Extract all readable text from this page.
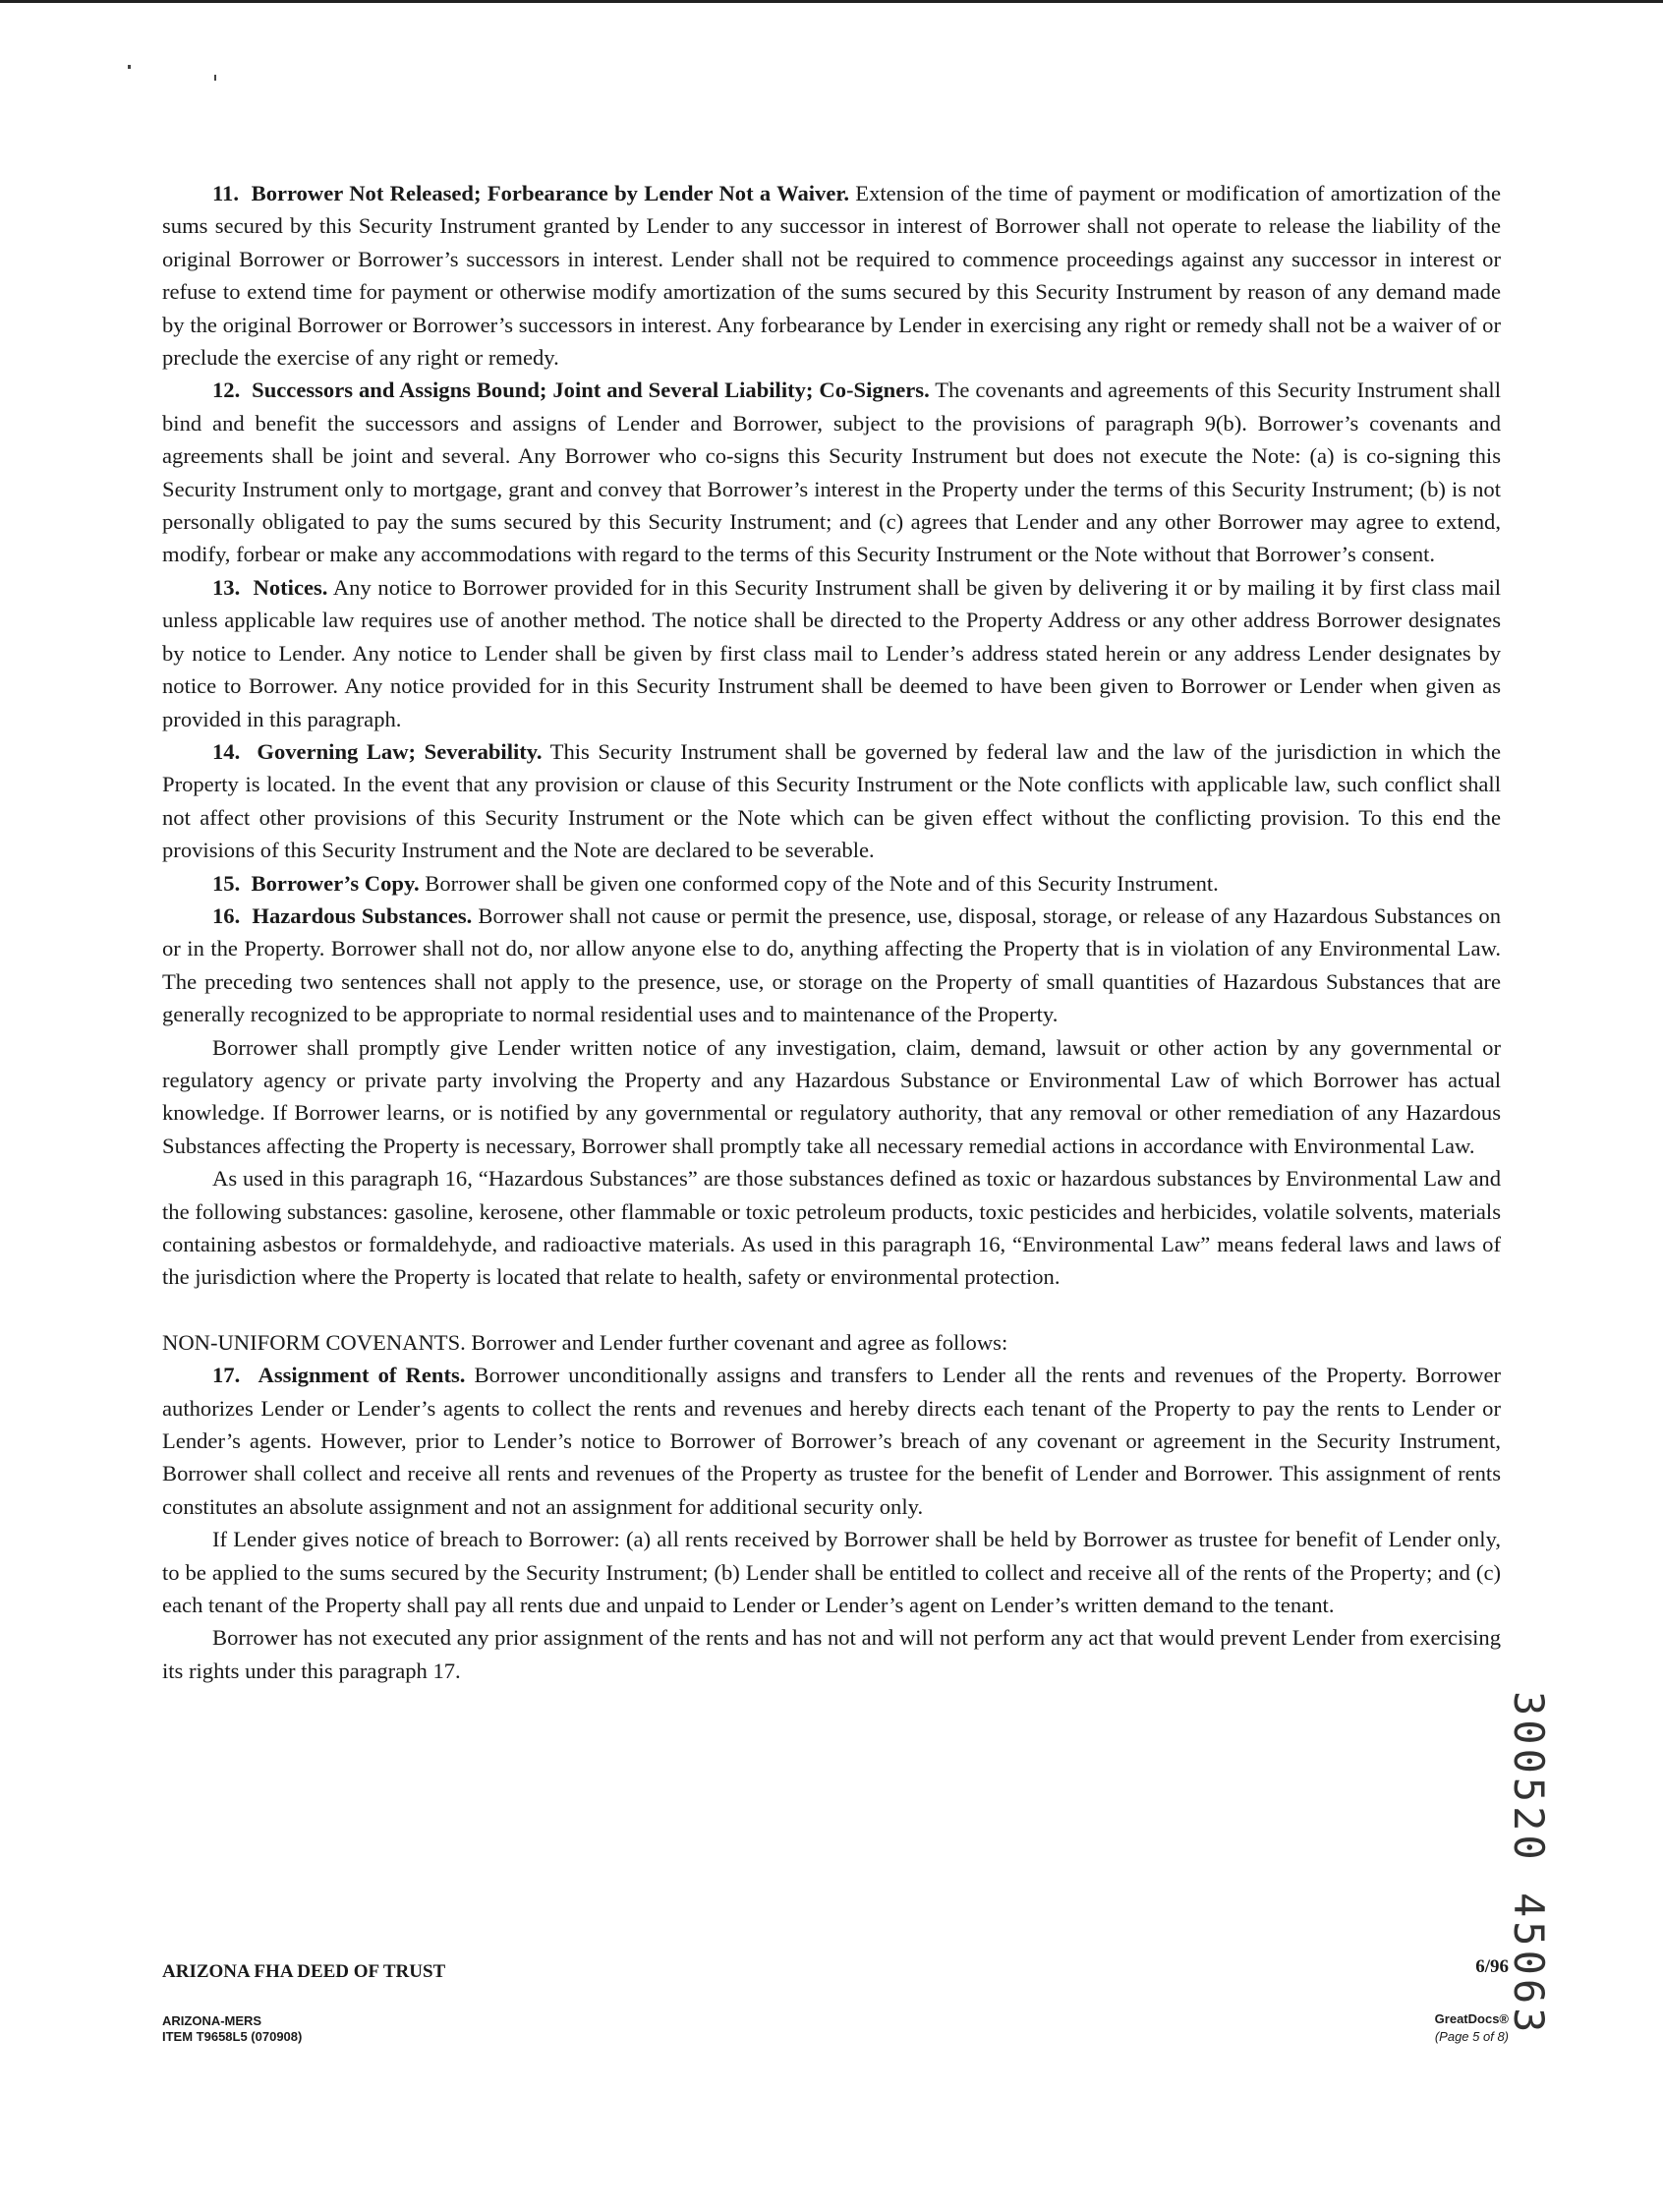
11. Borrower Not Released; Forbearance by Lender Not a Waiver. Extension of the time of payment or modification of amortization of the sums secured by this Security Instrument granted by Lender to any successor in interest of Borrower shall not operate to release the liability of the original Borrower or Borrower’s successors in interest. Lender shall not be required to commence proceedings against any successor in interest or refuse to extend time for payment or otherwise modify amortization of the sums secured by this Security Instrument by reason of any demand made by the original Borrower or Borrower’s successors in interest. Any forbearance by Lender in exercising any right or remedy shall not be a waiver of or preclude the exercise of any right or remedy.

12. Successors and Assigns Bound; Joint and Several Liability; Co-Signers. The covenants and agreements of this Security Instrument shall bind and benefit the successors and assigns of Lender and Borrower, subject to the provisions of paragraph 9(b). Borrower’s covenants and agreements shall be joint and several. Any Borrower who co-signs this Security Instrument but does not execute the Note: (a) is co-signing this Security Instrument only to mortgage, grant and convey that Borrower’s interest in the Property under the terms of this Security Instrument; (b) is not personally obligated to pay the sums secured by this Security Instrument; and (c) agrees that Lender and any other Borrower may agree to extend, modify, forbear or make any accommodations with regard to the terms of this Security Instrument or the Note without that Borrower’s consent.

13. Notices. Any notice to Borrower provided for in this Security Instrument shall be given by delivering it or by mailing it by first class mail unless applicable law requires use of another method. The notice shall be directed to the Property Address or any other address Borrower designates by notice to Lender. Any notice to Lender shall be given by first class mail to Lender’s address stated herein or any address Lender designates by notice to Borrower. Any notice provided for in this Security Instrument shall be deemed to have been given to Borrower or Lender when given as provided in this paragraph.

14. Governing Law; Severability. This Security Instrument shall be governed by federal law and the law of the jurisdiction in which the Property is located. In the event that any provision or clause of this Security Instrument or the Note conflicts with applicable law, such conflict shall not affect other provisions of this Security Instrument or the Note which can be given effect without the conflicting provision. To this end the provisions of this Security Instrument and the Note are declared to be severable.

15. Borrower’s Copy. Borrower shall be given one conformed copy of the Note and of this Security Instrument.

16. Hazardous Substances. Borrower shall not cause or permit the presence, use, disposal, storage, or release of any Hazardous Substances on or in the Property. Borrower shall not do, nor allow anyone else to do, anything affecting the Property that is in violation of any Environmental Law. The preceding two sentences shall not apply to the presence, use, or storage on the Property of small quantities of Hazardous Substances that are generally recognized to be appropriate to normal residential uses and to maintenance of the Property.

Borrower shall promptly give Lender written notice of any investigation, claim, demand, lawsuit or other action by any governmental or regulatory agency or private party involving the Property and any Hazardous Substance or Environmental Law of which Borrower has actual knowledge. If Borrower learns, or is notified by any governmental or regulatory authority, that any removal or other remediation of any Hazardous Substances affecting the Property is necessary, Borrower shall promptly take all necessary remedial actions in accordance with Environmental Law.

As used in this paragraph 16, “Hazardous Substances” are those substances defined as toxic or hazardous substances by Environmental Law and the following substances: gasoline, kerosene, other flammable or toxic petroleum products, toxic pesticides and herbicides, volatile solvents, materials containing asbestos or formaldehyde, and radioactive materials. As used in this paragraph 16, “Environmental Law” means federal laws and laws of the jurisdiction where the Property is located that relate to health, safety or environmental protection.

NON-UNIFORM COVENANTS. Borrower and Lender further covenant and agree as follows:

17. Assignment of Rents. Borrower unconditionally assigns and transfers to Lender all the rents and revenues of the Property. Borrower authorizes Lender or Lender’s agents to collect the rents and revenues and hereby directs each tenant of the Property to pay the rents to Lender or Lender’s agents. However, prior to Lender’s notice to Borrower of Borrower’s breach of any covenant or agreement in the Security Instrument, Borrower shall collect and receive all rents and revenues of the Property as trustee for the benefit of Lender and Borrower. This assignment of rents constitutes an absolute assignment and not an assignment for additional security only.

If Lender gives notice of breach to Borrower: (a) all rents received by Borrower shall be held by Borrower as trustee for benefit of Lender only, to be applied to the sums secured by the Security Instrument; (b) Lender shall be entitled to collect and receive all of the rents of the Property; and (c) each tenant of the Property shall pay all rents due and unpaid to Lender or Lender’s agent on Lender’s written demand to the tenant.

Borrower has not executed any prior assignment of the rents and has not and will not perform any act that would prevent Lender from exercising its rights under this paragraph 17.

ARIZONA FHA DEED OF TRUST	6/96
ARIZONA-MERS
ITEM T9658L5 (070908)
GreatDocs®
(Page 5 of 8)
300520 45063
